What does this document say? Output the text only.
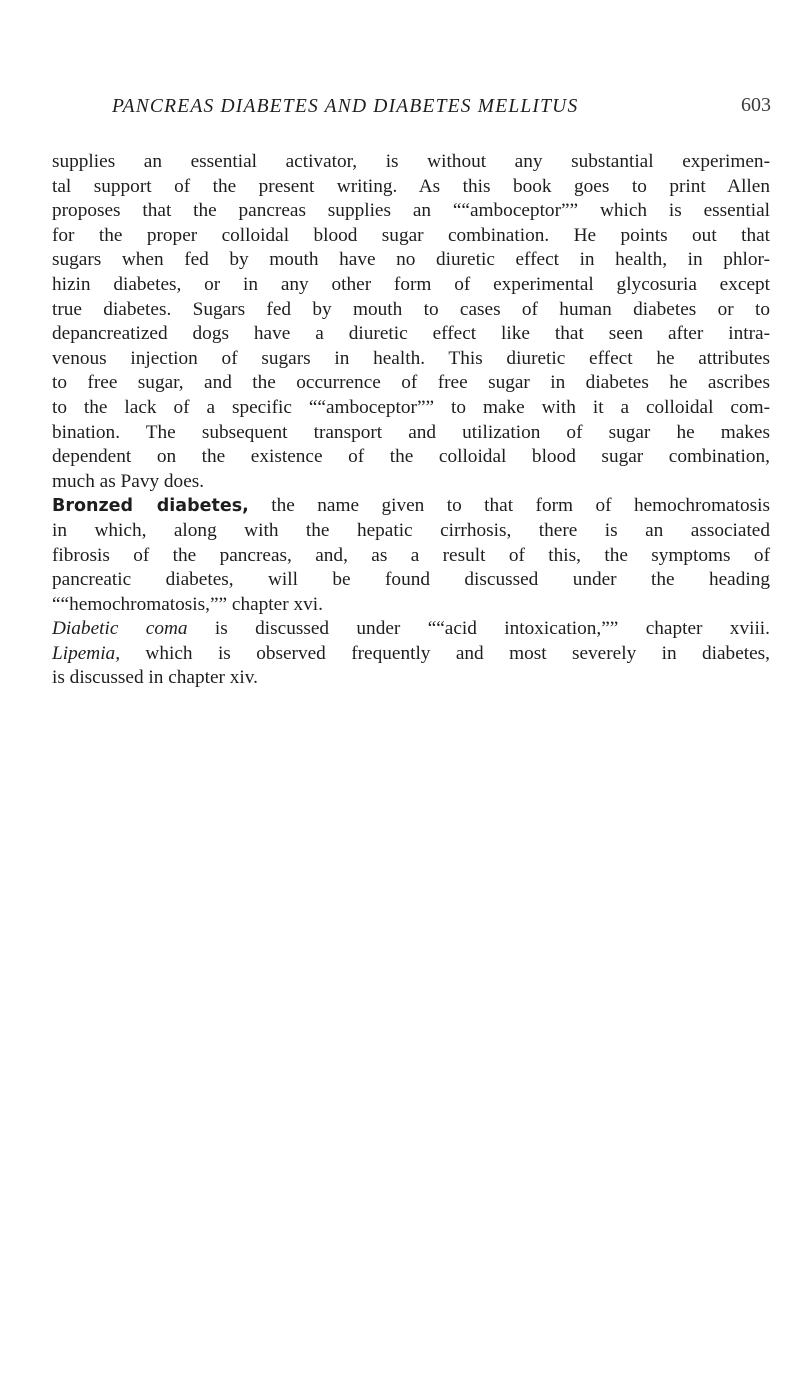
PANCREAS DIABETES AND DIABETES MELLITUS	603
supplies an essential activator, is without any substantial experimen-
tal support of the present writing. As this book goes to print Allen
proposes that the pancreas supplies an ““amboceptor”” which is essential
for the proper colloidal blood sugar combination. He points out that
sugars when fed by mouth have no diuretic effect in health, in phlor-
hizin diabetes, or in any other form of experimental glycosuria except
true diabetes. Sugars fed by mouth to cases of human diabetes or to
depancreatized dogs have a diuretic effect like that seen after intra-
venous injection of sugars in health. This diuretic effect he attributes
to free sugar, and the occurrence of free sugar in diabetes he ascribes
to the lack of a specific ““amboceptor”” to make with it a colloidal com-
bination. The subsequent transport and utilization of sugar he makes
dependent on the existence of the colloidal blood sugar combination,
much as Pavy does.
Bronzed diabetes, the name given to that form of hemochromatosis
in which, along with the hepatic cirrhosis, there is an associated
fibrosis of the pancreas, and, as a result of this, the symptoms of
pancreatic diabetes, will be found discussed under the heading
““hemochromatosis,”” chapter xvi.
Diabetic coma is discussed under ““acid intoxication,”” chapter xviii.
Lipemia, which is observed frequently and most severely in diabetes,
is discussed in chapter xiv.
